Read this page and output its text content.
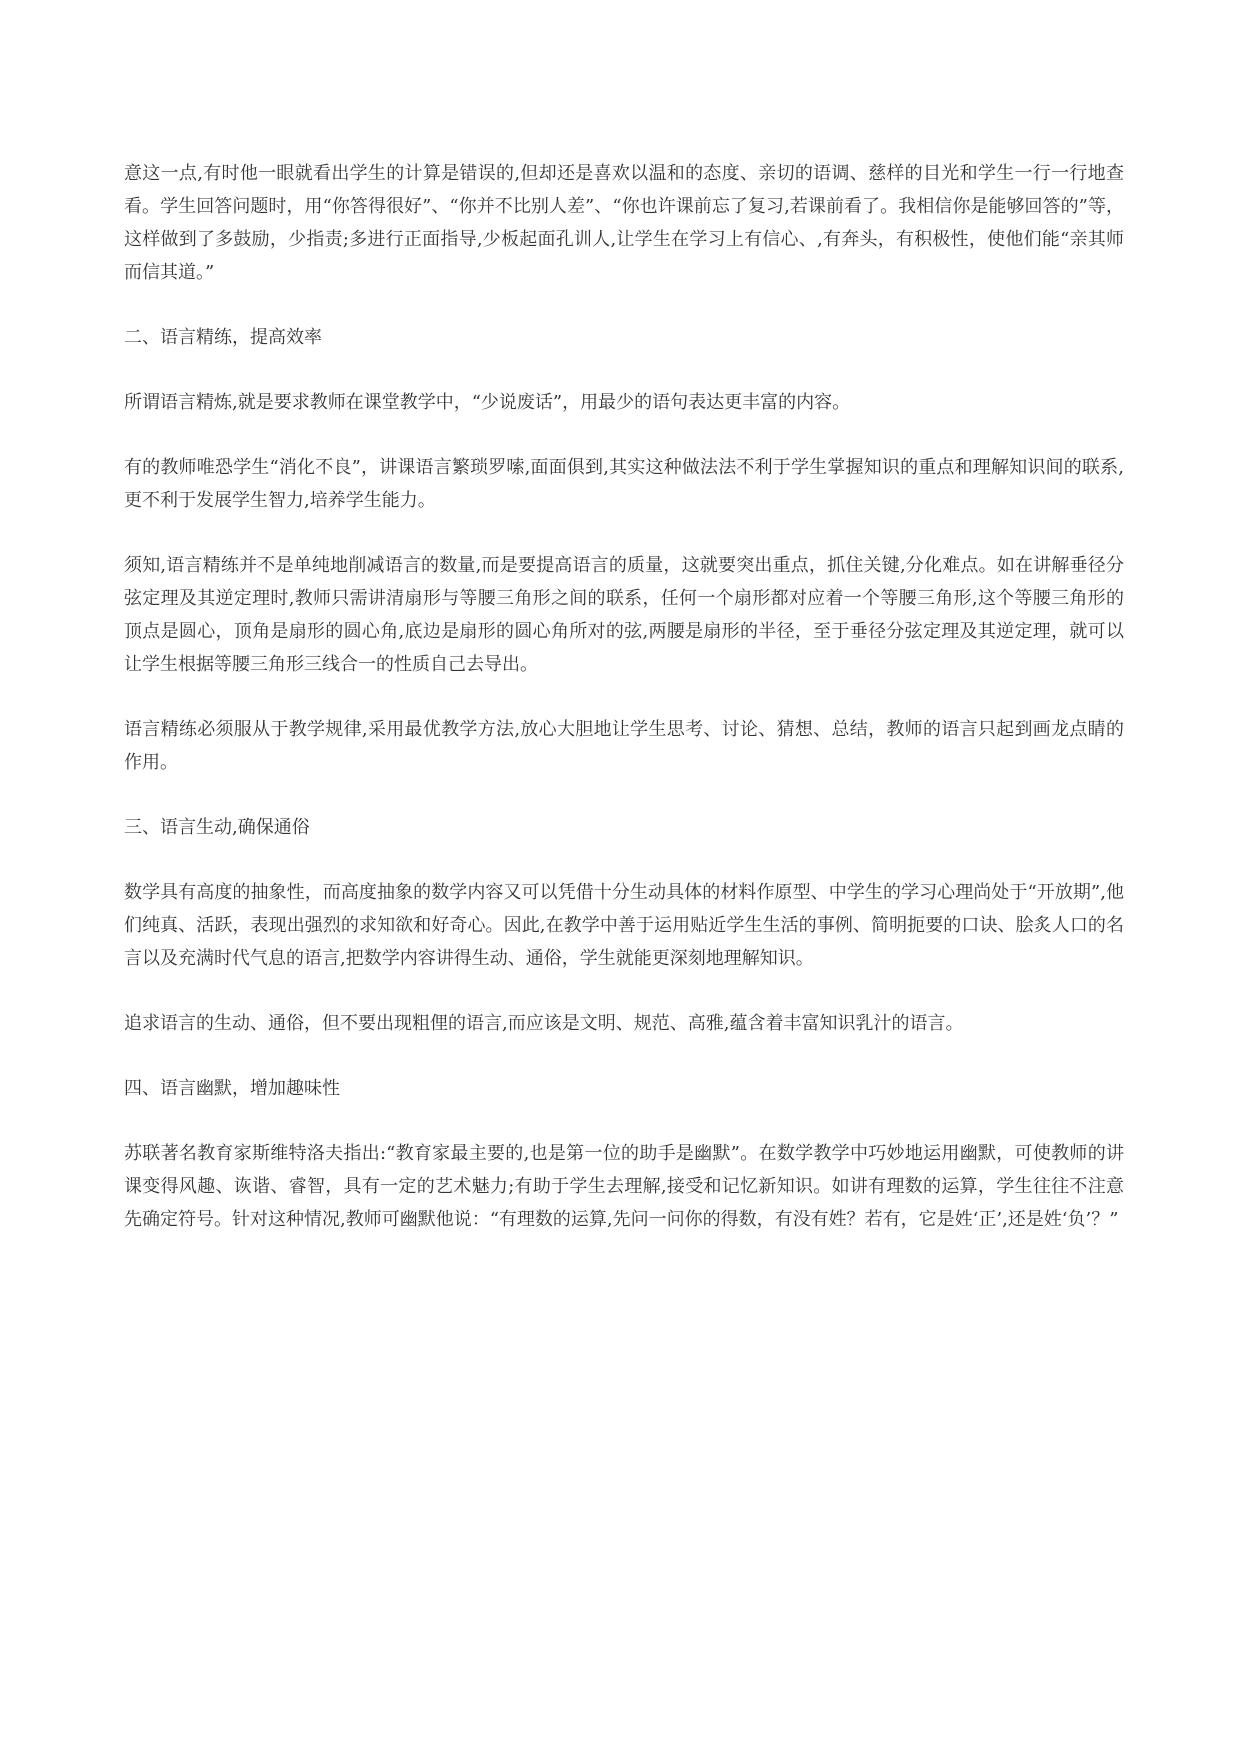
意这一点,有时他一眼就看出学生的计算是错误的,但却还是喜欢以温和的态度、亲切的语调、慈样的目光和学生一行一行地查看。学生回答问题时，用“你答得很好”、“你并不比别人差”、“你也许课前忘了复习,若课前看了。我相信你是能够回答的”等，这样做到了多鼓励，少指责;多进行正面指导,少板起面孔训人,让学生在学习上有信心、,有奔头，有积极性，使他们能“亲其师而信其道。”

二、语言精练，提高效率

所谓语言精炼,就是要求教师在课堂教学中，“少说废话”，用最少的语句表达更丰富的内容。

有的教师唯恐学生“消化不良”，讲课语言繁琐罗嗦,面面俱到,其实这种做法法不利于学生掌握知识的重点和理解知识间的联系,更不利于发展学生智力,培养学生能力。

须知,语言精练并不是单纯地削减语言的数量,而是要提高语言的质量，这就要突出重点，抓住关键,分化难点。如在讲解垂径分弦定理及其逆定理时,教师只需讲清扇形与等腰三角形之间的联系，任何一个扇形都对应着一个等腰三角形,这个等腰三角形的顶点是圆心，顶角是扇形的圆心角,底边是扇形的圆心角所对的弦,两腰是扇形的半径，至于垂径分弦定理及其逆定理，就可以让学生根据等腰三角形三线合一的性质自己去导出。

语言精练必须服从于教学规律,采用最优教学方法,放心大胆地让学生思考、讨论、猜想、总结，教师的语言只起到画龙点睛的作用。

三、语言生动,确保通俗

数学具有高度的抽象性，而高度抽象的数学内容又可以凭借十分生动具体的材料作原型、中学生的学习心理尚处于“开放期”,他们纯真、活跃，表现出强烈的求知欲和好奇心。因此,在教学中善于运用贴近学生生活的事例、简明扼要的口诀、脍炙人口的名言以及充满时代气息的语言,把数学内容讲得生动、通俗，学生就能更深刻地理解知识。

追求语言的生动、通俗，但不要出现粗俚的语言,而应该是文明、规范、高雅,蕴含着丰富知识乳汁的语言。

四、语言幽默，增加趣味性

苏联著名教育家斯维特洛夫指出:“教育家最主要的,也是第一位的助手是幽默”。在数学教学中巧妙地运用幽默，可使教师的讲课变得风趣、诙谐、睿智，具有一定的艺术魅力;有助于学生去理解,接受和记忆新知识。如讲有理数的运算，学生往往不注意先确定符号。针对这种情况,教师可幽默他说：“有理数的运算,先问一问你的得数，有没有姓？若有，它是姓‘正’,还是姓‘负’？”
